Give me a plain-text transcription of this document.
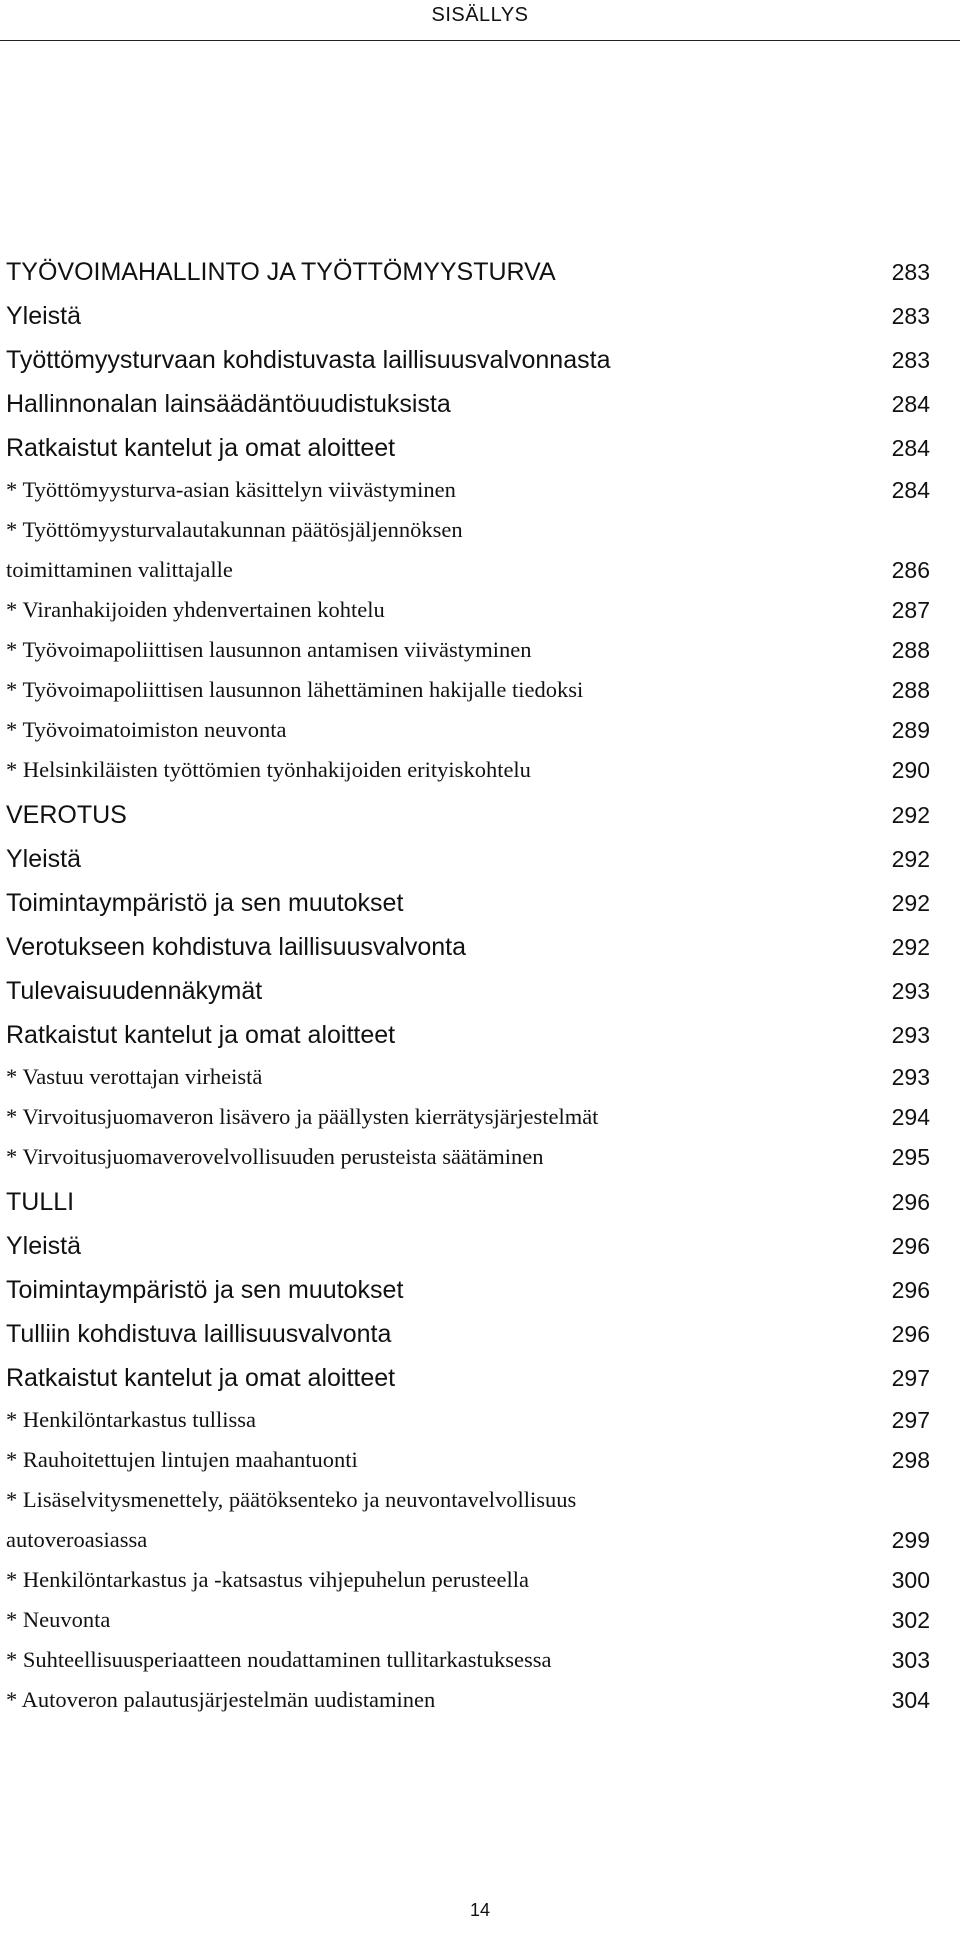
SISÄLLYS
TYÖVOIMAHALLINTO JA TYÖTTÖMYYSTURVA	283
Yleistä	283
Työttömyysturvaan kohdistuvasta laillisuusvalvonnasta	283
Hallinnonalan lainsäädäntöuudistuksista	284
Ratkaistut kantelut ja omat aloitteet	284
* Työttömyysturva-asian käsittelyn viivästyminen	284
* Työttömyysturvalautakunnan päätösjäljennöksen
toimittaminen valittajalle	286
* Viranhakijoiden yhdenvertainen kohtelu	287
* Työvoimapoliittisen lausunnon antamisen viivästyminen	288
* Työvoimapoliittisen lausunnon lähettäminen hakijalle tiedoksi	288
* Työvoimatoimiston neuvonta	289
* Helsinkiläisten työttömien työnhakijoiden erityiskohtelu	290
VEROTUS	292
Yleistä	292
Toimintaympäristö ja sen muutokset	292
Verotukseen kohdistuva laillisuusvalvonta	292
Tulevaisuudennäkymät	293
Ratkaistut kantelut ja omat aloitteet	293
* Vastuu verottajan virheistä	293
* Virvoitusjuomaveron lisävero ja päällysten kierrätysjärjestelmät	294
* Virvoitusjuomaverovelvollisuuden perusteista säätäminen	295
TULLI	296
Yleistä	296
Toimintaympäristö ja sen muutokset	296
Tulliin kohdistuva laillisuusvalvonta	296
Ratkaistut kantelut ja omat aloitteet	297
* Henkilöntarkastus tullissa	297
* Rauhoitettujen lintujen maahantuonti	298
* Lisäselvitysmenettely, päätöksenteko ja neuvontavelvollisuus
autoveroasiassa	299
* Henkilöntarkastus ja -katsastus vihjepuhelun perusteella	300
* Neuvonta	302
* Suhteellisuusperiaatteen noudattaminen tullitarkastuksessa	303
* Autoveron palautusjärjestelmän uudistaminen	304
14
